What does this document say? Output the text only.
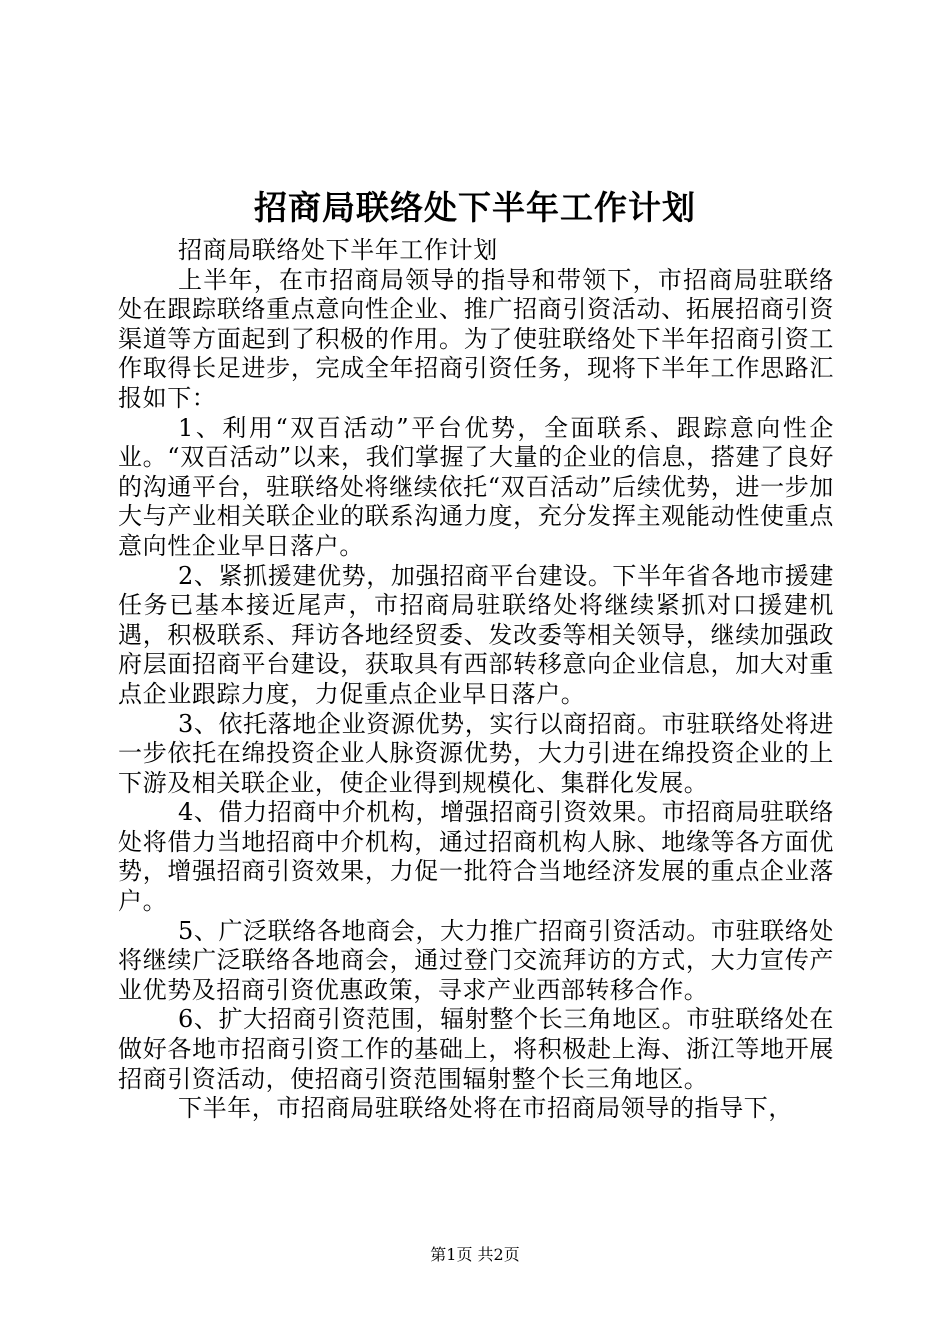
招商局联络处下半年工作计划

招商局联络处下半年工作计划

上半年，在市招商局领导的指导和带领下，市招商局驻联络处在跟踪联络重点意向性企业、推广招商引资活动、拓展招商引资渠道等方面起到了积极的作用。为了使驻联络处下半年招商引资工作取得长足进步，完成全年招商引资任务，现将下半年工作思路汇报如下：

1、利用“双百活动”平台优势，全面联系、跟踪意向性企业。“双百活动”以来，我们掌握了大量的企业的信息，搭建了良好的沟通平台，驻联络处将继续依托“双百活动”后续优势，进一步加大与产业相关联企业的联系沟通力度，充分发挥主观能动性使重点意向性企业早日落户。

2、紧抓援建优势，加强招商平台建设。下半年省各地市援建任务已基本接近尾声，市招商局驻联络处将继续紧抓对口援建机遇，积极联系、拜访各地经贸委、发改委等相关领导，继续加强政府层面招商平台建设，获取具有西部转移意向企业信息，加大对重点企业跟踪力度，力促重点企业早日落户。

3、依托落地企业资源优势，实行以商招商。市驻联络处将进一步依托在绵投资企业人脉资源优势，大力引进在绵投资企业的上下游及相关联企业，使企业得到规模化、集群化发展。

4、借力招商中介机构，增强招商引资效果。市招商局驻联络处将借力当地招商中介机构，通过招商机构人脉、地缘等各方面优势，增强招商引资效果，力促一批符合当地经济发展的重点企业落户。

5、广泛联络各地商会，大力推广招商引资活动。市驻联络处将继续广泛联络各地商会，通过登门交流拜访的方式，大力宣传产业优势及招商引资优惠政策，寻求产业西部转移合作。

6、扩大招商引资范围，辐射整个长三角地区。市驻联络处在做好各地市招商引资工作的基础上，将积极赴上海、浙江等地开展招商引资活动，使招商引资范围辐射整个长三角地区。

下半年，市招商局驻联络处将在市招商局领导的指导下，

第1页 共2页
